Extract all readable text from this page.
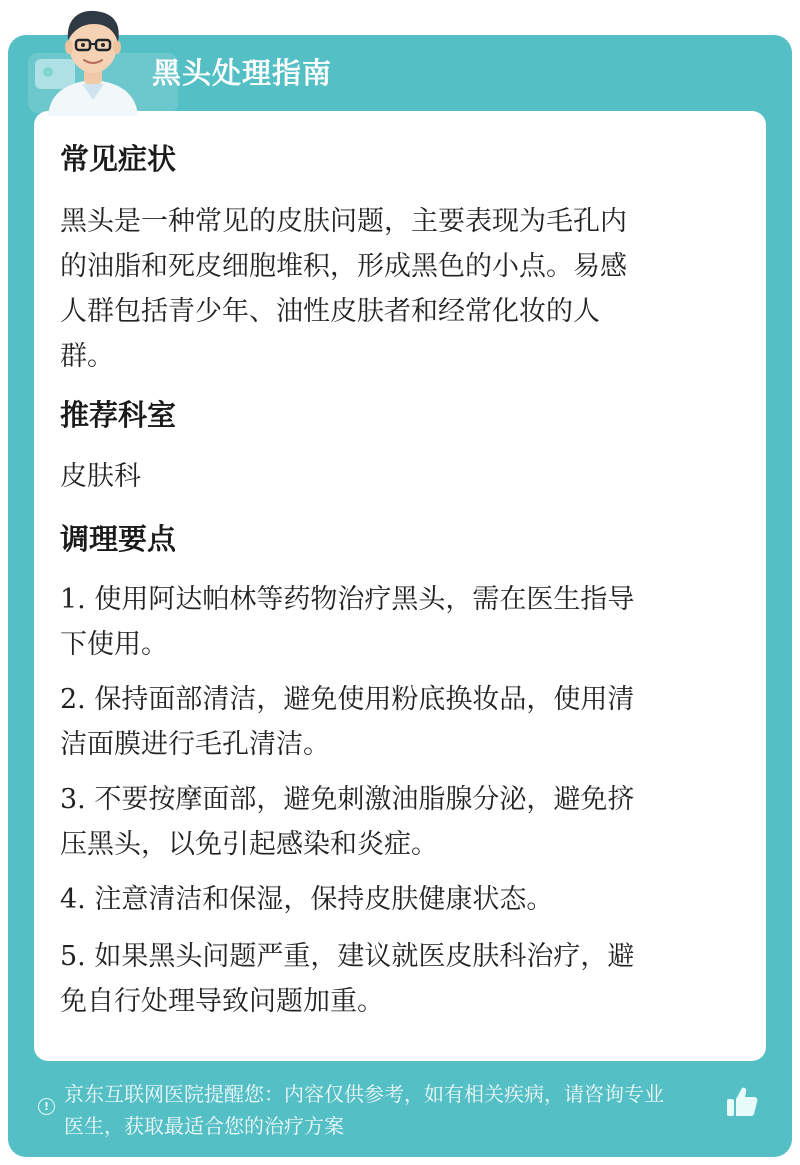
黑头处理指南
常见症状
黑头是一种常见的皮肤问题，主要表现为毛孔内
的油脂和死皮细胞堆积，形成黑色的小点。易感
人群包括青少年、油性皮肤者和经常化妆的人
群。
推荐科室
皮肤科
调理要点
1. 使用阿达帕林等药物治疗黑头，需在医生指导
下使用。
2. 保持面部清洁，避免使用粉底换妆品，使用清
洁面膜进行毛孔清洁。
3. 不要按摩面部，避免刺激油脂腺分泌，避免挤
压黑头，以免引起感染和炎症。
4. 注意清洁和保湿，保持皮肤健康状态。
5. 如果黑头问题严重，建议就医皮肤科治疗，避
免自行处理导致问题加重。
!
京东互联网医院提醒您：内容仅供参考，如有相关疾病，请咨询专业
医生，获取最适合您的治疗方案
